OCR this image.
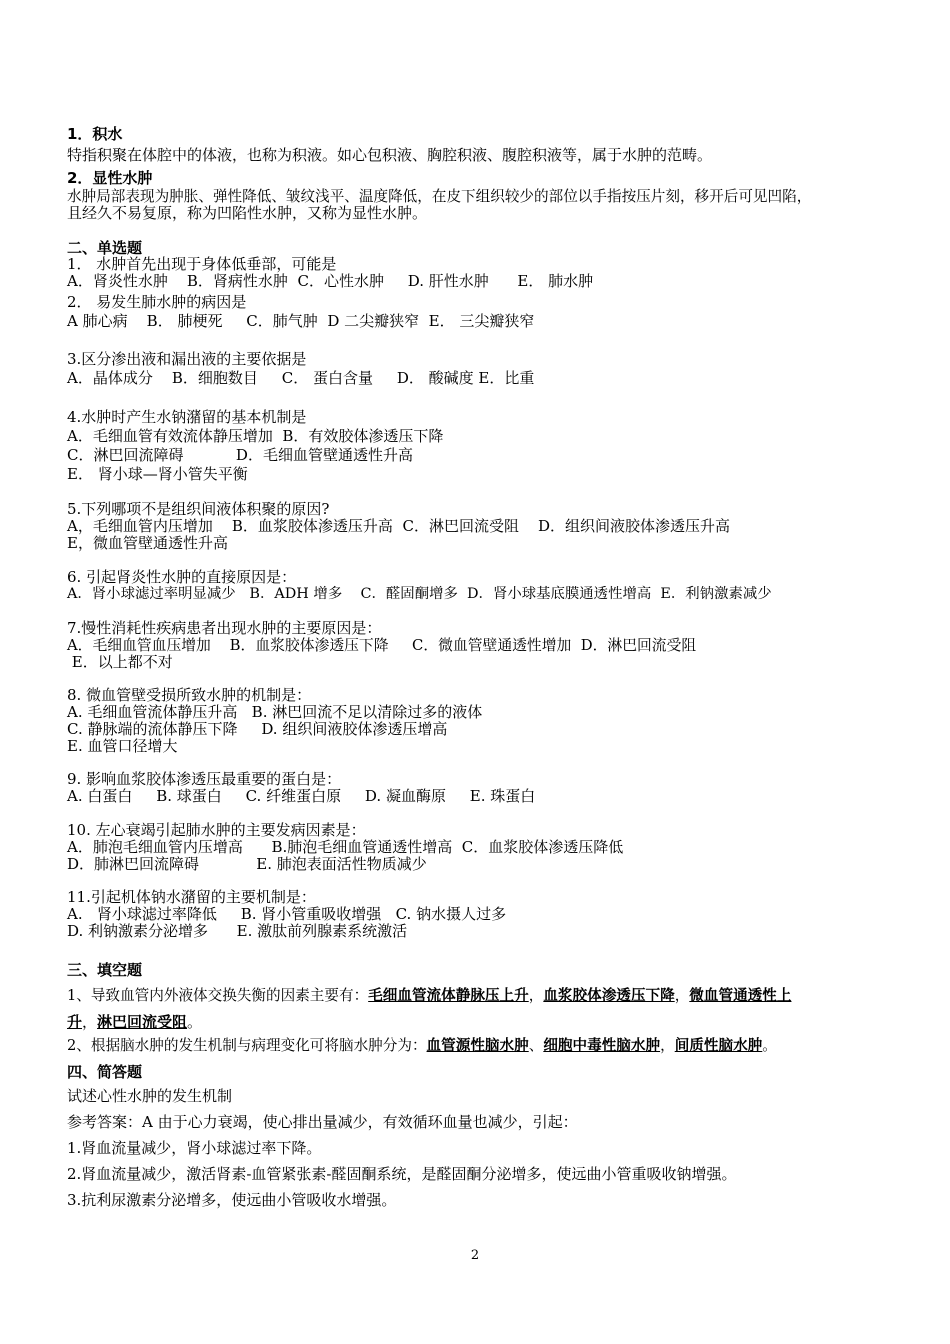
1．积水
特指积聚在体腔中的体液，也称为积液。如心包积液、胸腔积液、腹腔积液等，属于水肿的范畴。
2．显性水肿
水肿局部表现为肿胀、弹性降低、皱纹浅平、温度降低，在皮下组织较少的部位以手指按压片刻，移开后可见凹陷，
且经久不易复原，称为凹陷性水肿，又称为显性水肿。
二、单选题
1． 水肿首先出现于身体低垂部，可能是
A．肾炎性水肿    B．肾病性水肿  C．心性水肿     D. 肝性水肿      E． 肺水肿
2． 易发生肺水肿的病因是
A 肺心病    B． 肺梗死     C．肺气肿  D 二尖瓣狭窄  E． 三尖瓣狭窄
3.区分渗出液和漏出液的主要依据是
A．晶体成分    B．细胞数目     C． 蛋白含量     D． 酸碱度 E．比重
4.水肿时产生水钠潴留的基本机制是
A．毛细血管有效流体静压增加  B．有效胶体渗透压下降
C．淋巴回流障碍           D．毛细血管壁通透性升高
E． 肾小球—肾小管失平衡
5.下列哪项不是组织间液体积聚的原因?
A，毛细血管内压增加    B．血浆胶体渗透压升高  C．淋巴回流受阻    D．组织间液胶体渗透压升高
E，微血管壁通透性升高
6. 引起肾炎性水肿的直接原因是：
A．肾小球滤过率明显减少   B．ADH 增多    C．醛固酮增多  D．肾小球基底膜通透性增高  E．利钠激素减少
7.慢性消耗性疾病患者出现水肿的主要原因是：
A．毛细血管血压增加    B．血浆胶体渗透压下降     C．微血管壁通透性增加  D．淋巴回流受阻
E．以上都不对
8. 微血管壁受损所致水肿的机制是：
A. 毛细血管流体静压升高   B. 淋巴回流不足以清除过多的液体
C. 静脉端的流体静压下降     D. 组织间液胶体渗透压增高
E. 血管口径增大
9. 影响血浆胶体渗透压最重要的蛋白是：
A. 白蛋白     B. 球蛋白     C. 纤维蛋白原     D. 凝血酶原     E. 珠蛋白
10. 左心衰竭引起肺水肿的主要发病因素是：
A．肺泡毛细血管内压增高      B.肺泡毛细血管通透性增高  C．血浆胶体渗透压降低
D．肺淋巴回流障碍            E. 肺泡表面活性物质减少
11.引起机体钠水潴留的主要机制是：
A.   肾小球滤过率降低     B. 肾小管重吸收增强   C. 钠水摄人过多
D. 利钠激素分泌增多      E. 激肽前列腺素系统激活
三、填空题
1、导致血管内外液体交换失衡的因素主要有：毛细血管流体静脉压上升，血浆胶体渗透压下降，微血管通透性上
升，淋巴回流受阻。
2、根据脑水肿的发生机制与病理变化可将脑水肿分为：血管源性脑水肿、细胞中毒性脑水肿，间质性脑水肿。
四、简答题
试述心性水肿的发生机制
参考答案：A 由于心力衰竭，使心排出量减少，有效循环血量也减少，引起：
1.肾血流量减少，肾小球滤过率下降。
2.肾血流量减少，激活肾素-血管紧张素-醛固酮系统，是醛固酮分泌增多，使远曲小管重吸收钠增强。
3.抗利尿激素分泌增多，使远曲小管吸收水增强。
2
